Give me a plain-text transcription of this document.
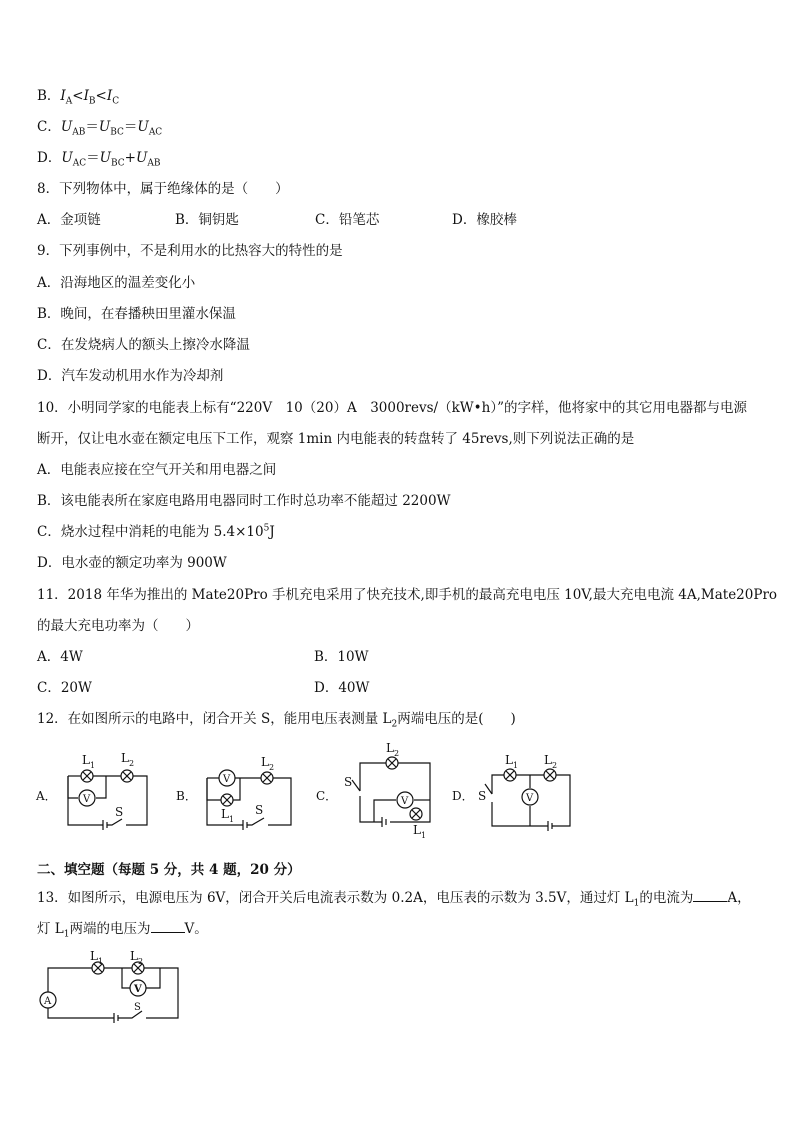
B．$I_A<I_B<I_C$
C．$U_{AB}=U_{BC}=U_{AC}$
D．$U_{AC}=U_{BC}+U_{AB}$
8．下列物体中，属于绝缘体的是（　　）
A．金项链	B．铜钥匙	C．铅笔芯	D．橡胶棒
9．下列事例中，不是利用水的比热容大的特性的是
A．沿海地区的温差变化小
B．晚间，在春播秧田里灌水保温
C．在发烧病人的额头上擦冷水降温
D．汽车发动机用水作为冷却剂
10．小明同学家的电能表上标有“220V　10（20）A　3000revs/（kW•h）”的字样，他将家中的其它用电器都与电源
断开，仅让电水壶在额定电压下工作，观察 1min 内电能表的转盘转了 45revs,则下列说法正确的是
A．电能表应接在空气开关和用电器之间
B．该电能表所在家庭电路用电器同时工作时总功率不能超过 2200W
C．烧水过程中消耗的电能为 $5.4\times 10^5J$
D．电水壶的额定功率为 900W
11．2018 年华为推出的 Mate20Pro 手机充电采用了快充技术,即手机的最高充电电压 10V,最大充电电流 4A,Mate20Pro
的最大充电功率为（　　）
A．4W	B．10W
C．20W	D．40W
12．在如图所示的电路中，闭合开关 S，能用电压表测量 $L_2$两端电压的是(　　)
A．	B．	C．	D．
L 1
L 2
V
S
L 2
V
L 1
S
L 2
S
V
L 1
L 1 L 2
S	V
二、填空题（每题 5 分，共 4 题，20 分）
13．如图所示，电源电压为 6V，闭合开关后电流表示数为 0.2A，电压表的示数为 3.5V，通过灯 $L_1$的电流为	A，
灯 $L_1$两端的电压为	V。
L 1 L 2
V
A
S
